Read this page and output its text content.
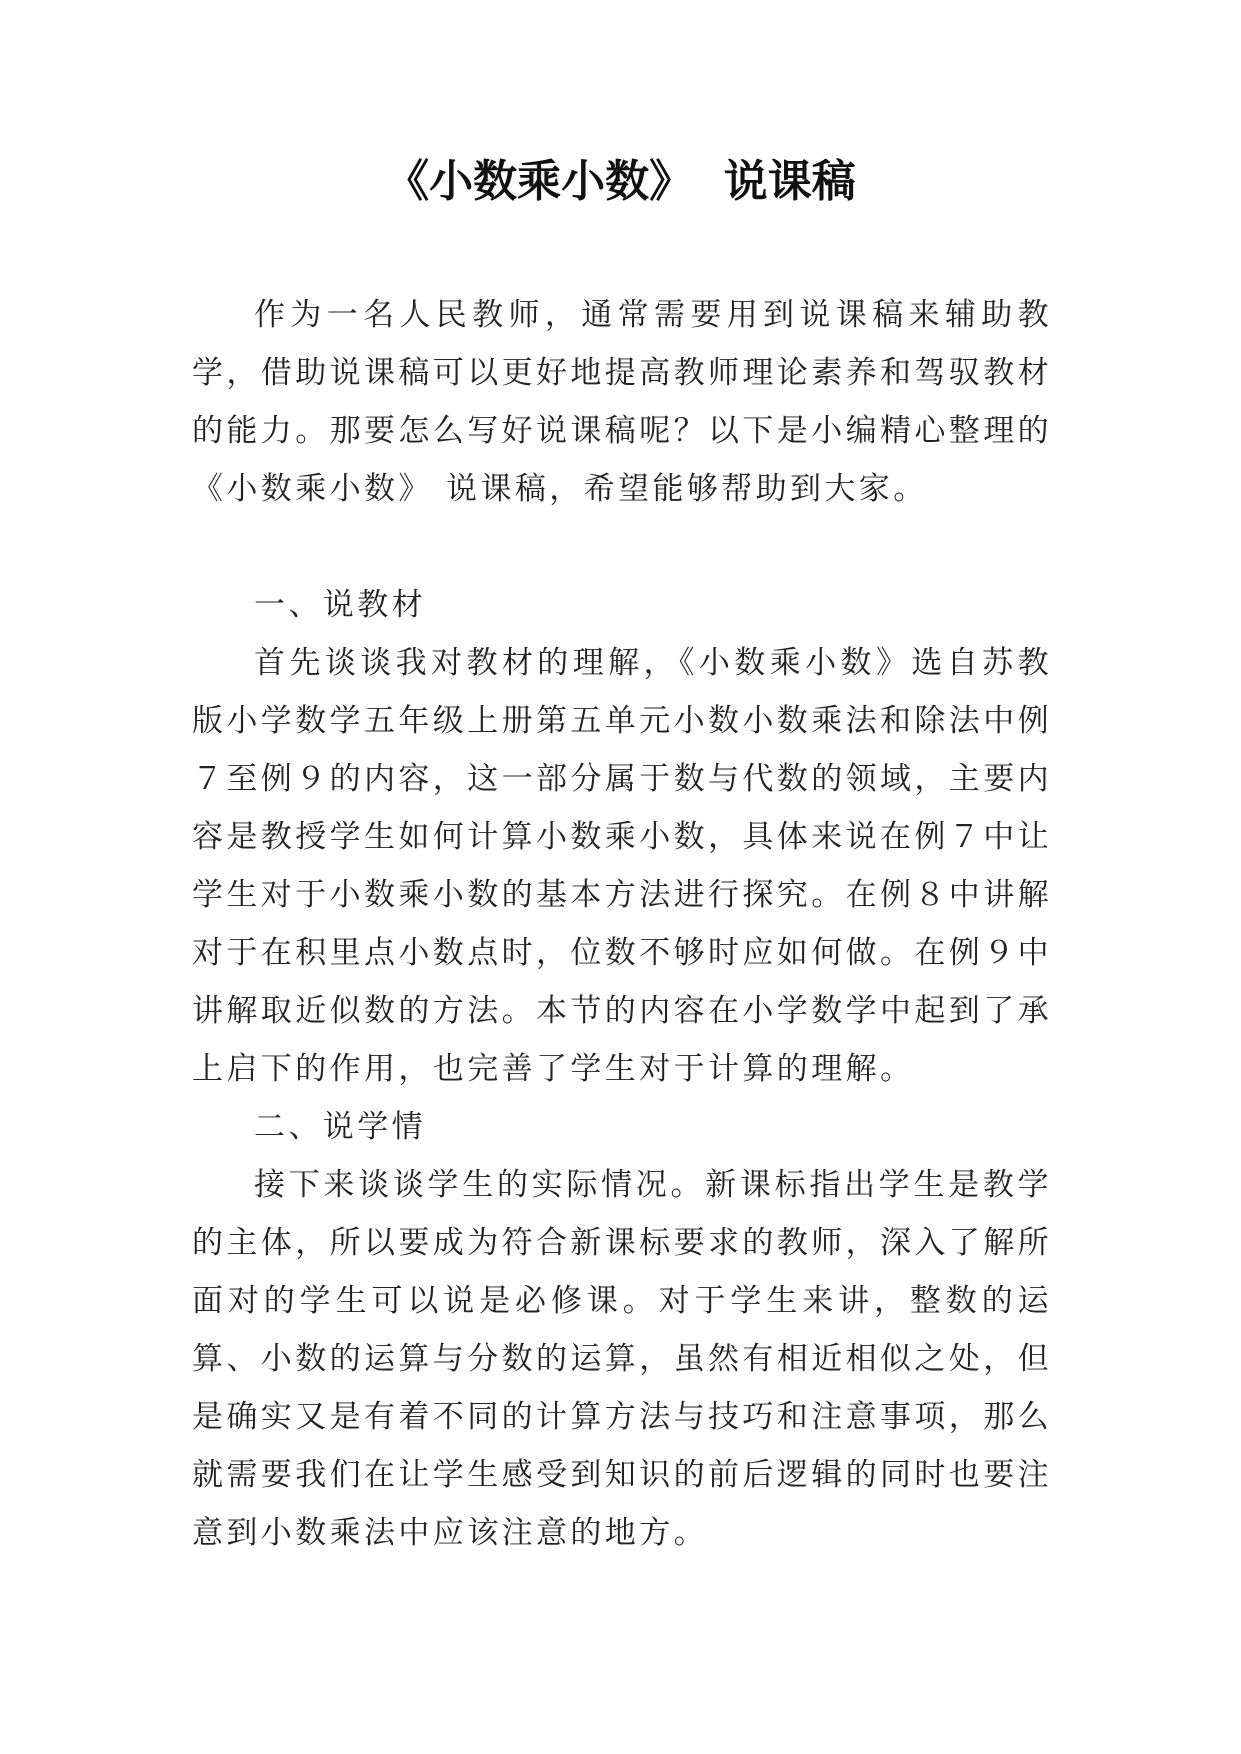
《小数乘小数》  说课稿

作为一名人民教师，通常需要用到说课稿来辅助教学，借助说课稿可以更好地提高教师理论素养和驾驭教材的能力。那要怎么写好说课稿呢？以下是小编精心整理的《小数乘小数》 说课稿，希望能够帮助到大家。

一、说教材

首先谈谈我对教材的理解，《小数乘小数》选自苏教版小学数学五年级上册第五单元小数小数乘法和除法中例７至例９的内容，这一部分属于数与代数的领域，主要内容是教授学生如何计算小数乘小数，具体来说在例７中让学生对于小数乘小数的基本方法进行探究。在例８中讲解对于在积里点小数点时，位数不够时应如何做。在例９中讲解取近似数的方法。本节的内容在小学数学中起到了承上启下的作用，也完善了学生对于计算的理解。

二、说学情

接下来谈谈学生的实际情况。新课标指出学生是教学的主体，所以要成为符合新课标要求的教师，深入了解所面对的学生可以说是必修课。对于学生来讲，整数的运算、小数的运算与分数的运算，虽然有相近相似之处，但是确实又是有着不同的计算方法与技巧和注意事项，那么就需要我们在让学生感受到知识的前后逻辑的同时也要注意到小数乘法中应该注意的地方。
